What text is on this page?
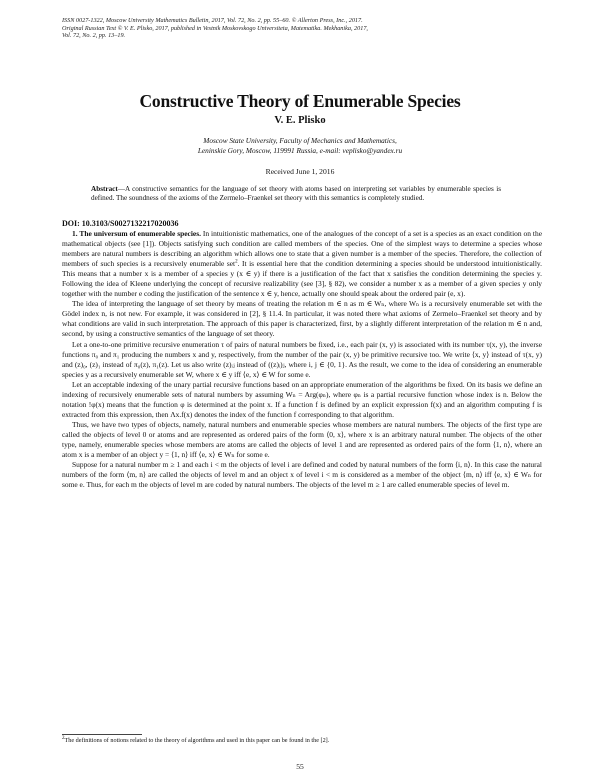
ISSN 0027-1322, Moscow University Mathematics Bulletin, 2017, Vol. 72, No. 2, pp. 55–60. © Allerton Press, Inc., 2017.
Original Russian Text © V. E. Plisko, 2017, published in Vestnik Moskovskogo Universiteta, Matematika. Mekhanika, 2017,
Vol. 72, No. 2, pp. 13–19.
Constructive Theory of Enumerable Species
V. E. Plisko
Moscow State University, Faculty of Mechanics and Mathematics,
Leninskie Gory, Moscow, 119991 Russia, e-mail: veplisko@yandex.ru
Received June 1, 2016
Abstract—A constructive semantics for the language of set theory with atoms based on interpreting set variables by enumerable species is defined. The soundness of the axioms of the Zermelo–Fraenkel set theory with this semantics is completely studied.
DOI: 10.3103/S0027132217020036

1. The universum of enumerable species. In intuitionistic mathematics, one of the analogues of the concept of a set is a species as an exact condition on the mathematical objects (see [1]). Objects satisfying such condition are called members of the species. One of the simplest ways to determine a species whose members are natural numbers is describing an algorithm which allows one to state that a given number is a member of the species. Therefore, the collection of members of such species is a recursively enumerable set$^2$. It is essential here that the condition determining a species should be understood intuitionistically. This means that a number x is a member of a species y (x ∈ y) if there is a justification of the fact that x satisfies the condition determining the species y. Following the idea of Kleene underlying the concept of recursive realizability (see [3], § 82), we consider a number x as a member of a given species y only together with the number e coding the justification of the sentence x ∈ y, hence, actually one should speak about the ordered pair (e, x).

The idea of interpreting the language of set theory by means of treating the relation m ∈ n as m ∈ Wₙ, where Wₙ is a recursively enumerable set with the Gödel index n, is not new. For example, it was considered in [2], § 11.4. In particular, it was noted there what axioms of Zermelo–Fraenkel set theory and by what conditions are valid in such interpretation. The approach of this paper is characterized, first, by a slightly different interpretation of the relation m ∈ n and, second, by using a constructive semantics of the language of set theory.

Let a one-to-one primitive recursive enumeration τ of pairs of natural numbers be fixed, i.e., each pair (x, y) is associated with its number τ(x, y), the inverse functions π₀ and π₁ producing the numbers x and y, respectively, from the number of the pair (x, y) be primitive recursive too. We write ⟨x, y⟩ instead of τ(x, y) and (z)₀, (z)₁ instead of π₀(z), π₁(z). Let us also write (z)ᵢⱼ instead of ((z)ᵢ)ⱼ, where i, j ∈ {0, 1}. As the result, we come to the idea of considering an enumerable species y as a recursively enumerable set W, where x ∈ y iff ⟨e, x⟩ ∈ W for some e.

Let an acceptable indexing of the unary partial recursive functions based on an appropriate enumeration of the algorithms be fixed. On its basis we define an indexing of recursively enumerable sets of natural numbers by assuming Wₙ = Arg(φₙ), where φₙ is a partial recursive function whose index is n. Below the notation !φ(x) means that the function φ is determined at the point x. If a function f is defined by an explicit expression f(x) and an algorithm computing f is extracted from this expression, then Λx.f(x) denotes the index of the function f corresponding to that algorithm.

Thus, we have two types of objects, namely, natural numbers and enumerable species whose members are natural numbers. The objects of the first type are called the objects of level 0 or atoms and are represented as ordered pairs of the form ⟨0, x⟩, where x is an arbitrary natural number. The objects of the other type, namely, enumerable species whose members are atoms are called the objects of level 1 and are represented as ordered pairs of the form ⟨1, n⟩, where an atom x is a member of an object y = ⟨1, n⟩ iff ⟨e, x⟩ ∈ Wₙ for some e.

Suppose for a natural number m ≥ 1 and each i < m the objects of level i are defined and coded by natural numbers of the form ⟨i, n⟩. In this case the natural numbers of the form ⟨m, n⟩ are called the objects of level m and an object x of level i < m is considered as a member of the object ⟨m, n⟩ iff ⟨e, x⟩ ∈ Wₙ for some e. Thus, for each m the objects of level m are coded by natural numbers. The objects of the level m ≥ 1 are called enumerable species of level m.

$^2$The definitions of notions related to the theory of algorithms and used in this paper can be found in the [2].
55
